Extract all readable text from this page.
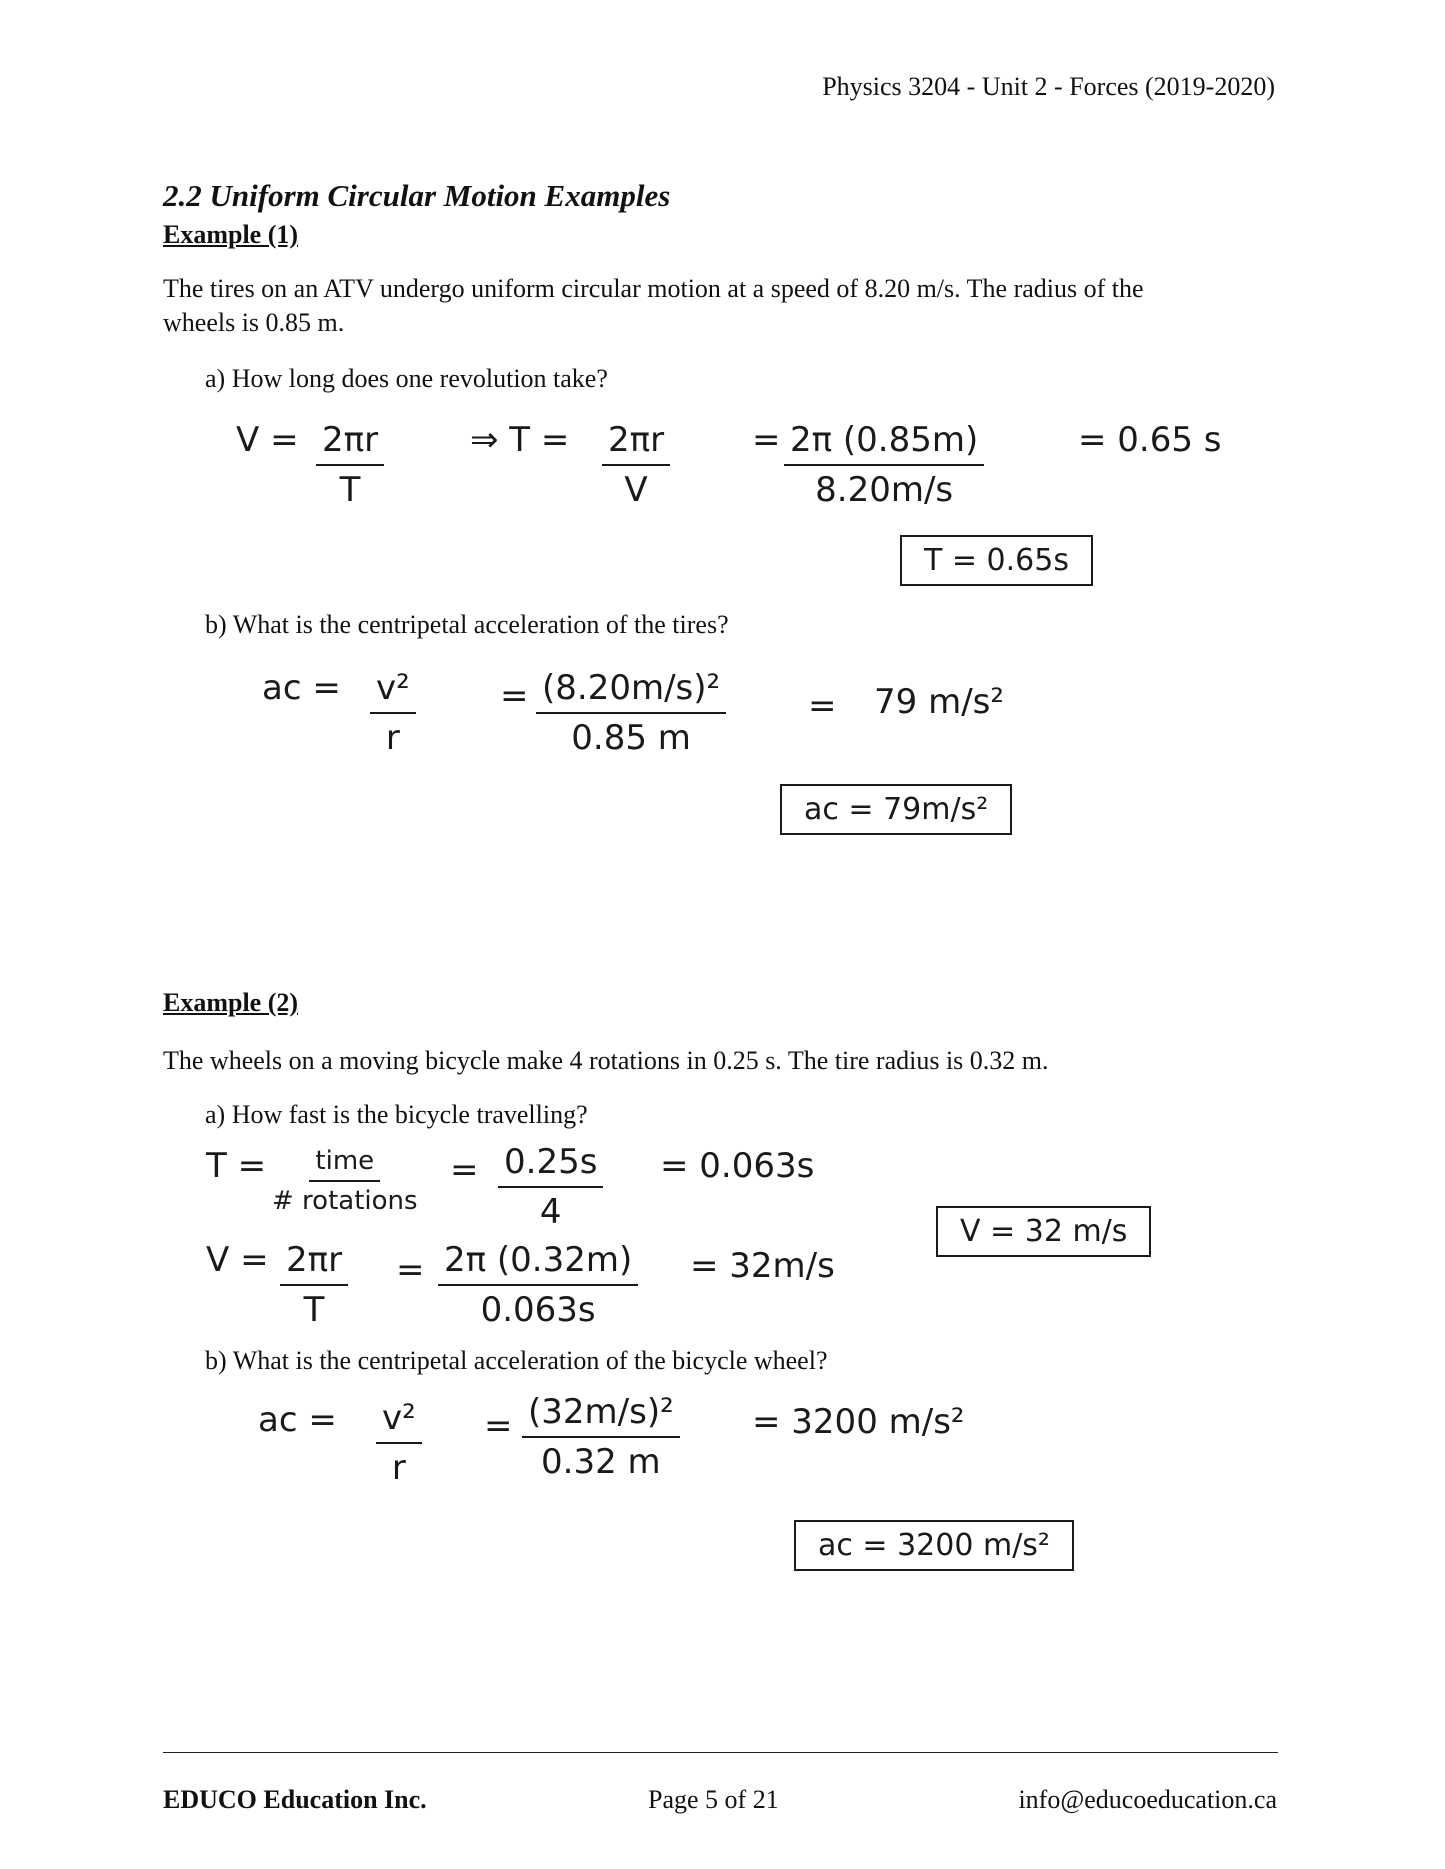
Physics 3204 - Unit 2 - Forces (2019-2020)
2.2 Uniform Circular Motion Examples
Example (1)
The tires on an ATV undergo uniform circular motion at a speed of 8.20 m/s. The radius of the
wheels is 0.85 m.
a) How long does one revolution take?
$V = \frac{2\pi r}{T}$	⇒ $T = \frac{2\pi r}{V} = \frac{2\pi (0.85m)}{8.20m/s}$	= 0.65 s
T = 0.65s
b) What is the centripetal acceleration of the tires?
ac = $\frac{\text{v²}}{r} = \frac{\text{(8.20m/s)²}}{0.85 m} = 79$ m/s²
ac = 79m/s²
Example (2)
The wheels on a moving bicycle make 4 rotations in 0.25 s. The tire radius is 0.32 m.
a) How fast is the bicycle travelling?
T = time
# rotations
= $\frac{0.25s}{4} = 0.063s$
$V = \frac{2\pi r}{T} = \frac{2\pi (0.32m)}{0.063s} = 32m/s$
V = 32 m/s
b) What is the centripetal acceleration of the bicycle wheel?
ac = $\frac{\text{v²}}{r} = \frac{\text{(32m/s)²}}{0.32 m} = 3200$ m/s²
ac = 3200 m/s²
EDUCO Education Inc.	Page 5 of 21	info@educoeducation.ca
